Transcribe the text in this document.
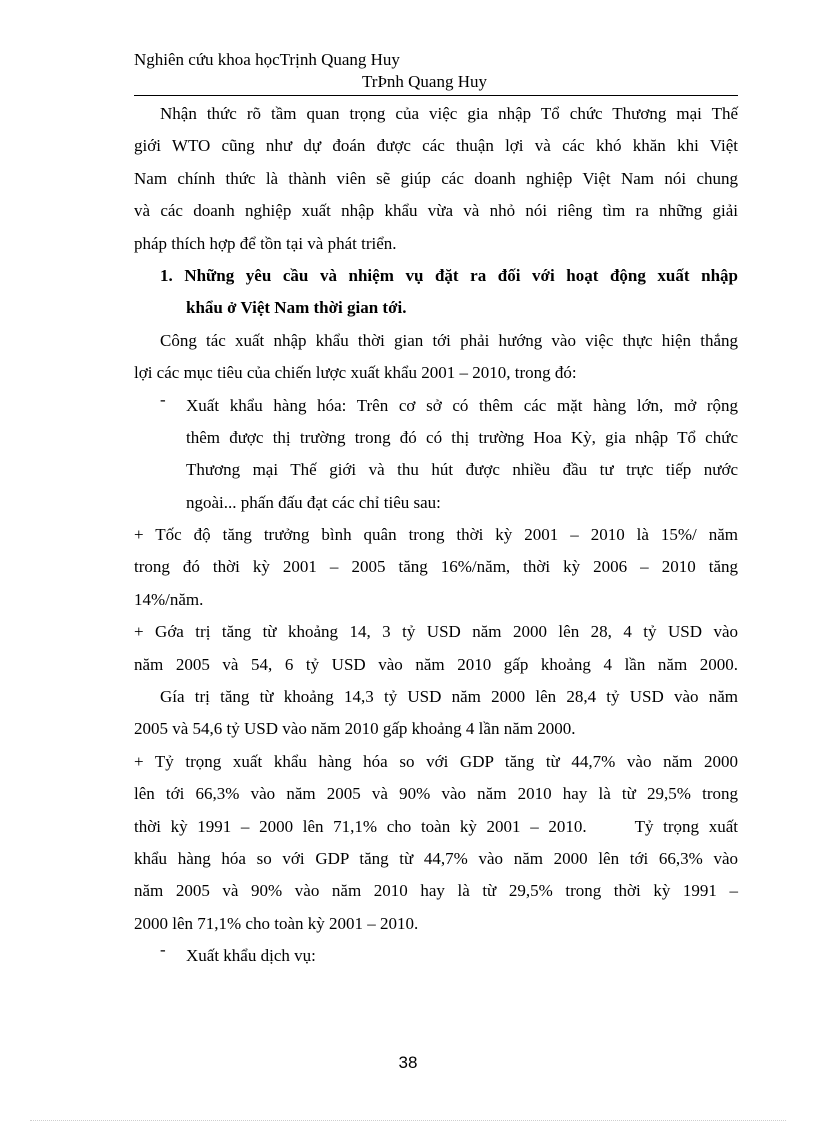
Nghiên cứu khoa họcTrịnh Quang Huy
TrÞnh Quang Huy
Nhận thức rõ tầm quan trọng của việc gia nhập Tổ chức Thương mại Thế
giới WTO cũng như dự đoán được các thuận lợi và các khó khăn khi Việt
Nam chính thức là thành viên sẽ giúp các doanh nghiệp Việt Nam nói chung
và các doanh nghiệp xuất nhập khẩu vừa và nhỏ nói riêng tìm ra những giải
pháp thích hợp để tồn tại và phát triển.
1. Những yêu cầu và nhiệm vụ đặt ra đối với hoạt động xuất nhập
khẩu ở Việt Nam thời gian tới.
Công tác xuất nhập khẩu thời gian tới phải hướng vào việc thực hiện thắng
lợi các mục tiêu của chiến lược xuất khẩu 2001 – 2010, trong đó:
- Xuất khẩu hàng hóa: Trên cơ sở có thêm các mặt hàng lớn, mở rộng
thêm được thị trường trong đó có thị trường Hoa Kỳ, gia nhập Tổ chức
Thương mại Thế giới và thu hút được nhiều đầu tư trực tiếp nước
ngoài... phấn đấu đạt các chỉ tiêu sau:
+ Tốc độ tăng trưởng bình quân trong thời kỳ 2001 – 2010 là 15%/ năm
trong đó thời kỳ 2001 – 2005 tăng 16%/năm, thời kỳ 2006 – 2010 tăng
14%/năm.
+ Gớa trị tăng từ khoảng 14, 3 tỷ USD năm 2000 lên 28, 4 tỷ USD vào
năm 2005 và 54, 6 tỷ USD vào năm 2010 gấp khoảng 4 lần năm 2000.
Gía trị tăng từ khoảng 14,3 tỷ USD năm 2000 lên 28,4 tỷ USD vào năm
2005 và 54,6 tỷ USD vào năm 2010 gấp khoảng 4 lần năm 2000.
+ Tỷ trọng xuất khẩu hàng hóa so với GDP tăng từ 44,7% vào năm 2000
lên tới 66,3% vào năm 2005 và 90% vào năm 2010 hay là từ 29,5% trong
thời kỳ 1991 – 2000 lên 71,1% cho toàn kỳ 2001 – 2010.     Tỷ trọng xuất
khẩu hàng hóa so với GDP tăng từ 44,7% vào năm 2000 lên tới 66,3% vào
năm 2005 và 90% vào năm 2010 hay là từ 29,5% trong thời kỳ 1991 –
2000 lên 71,1% cho toàn kỳ 2001 – 2010.
- Xuất khẩu dịch vụ:
38
